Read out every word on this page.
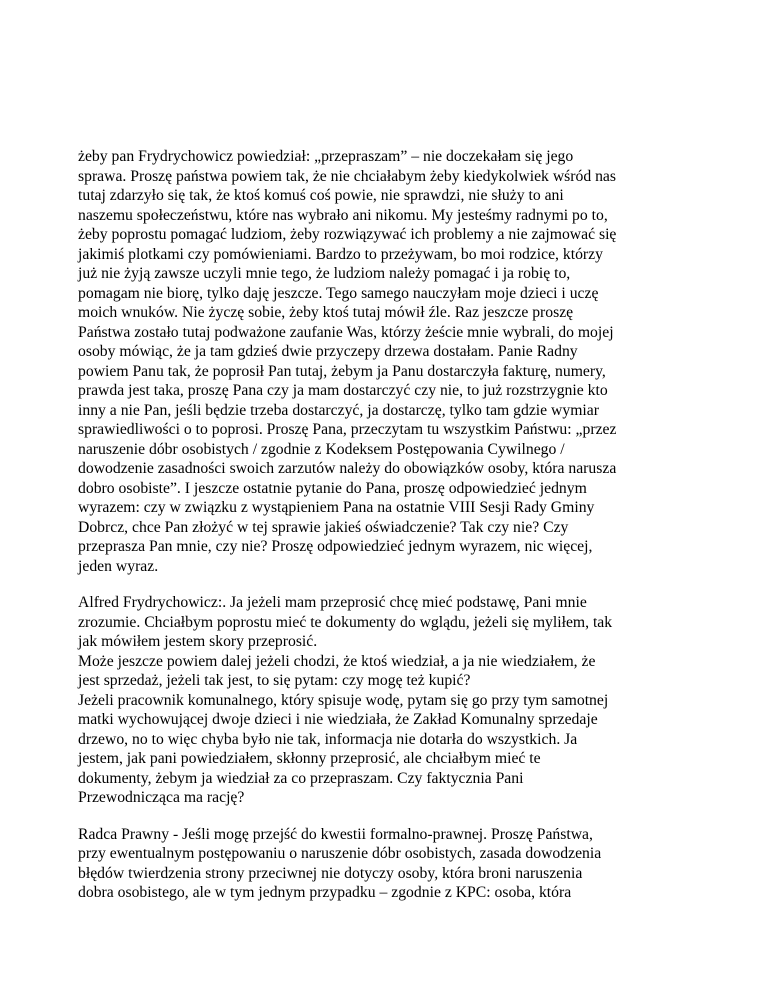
żeby pan Frydrychowicz powiedział: „przepraszam” – nie doczekałam się jego

sprawa. Proszę państwa powiem tak, że nie chciałabym żeby kiedykolwiek wśród nas

tutaj zdarzyło się tak, że ktoś komuś coś powie, nie sprawdzi, nie służy to ani

naszemu społeczeństwu, które nas wybrało ani nikomu. My jesteśmy radnymi po to,

żeby poprostu pomagać ludziom, żeby rozwiązywać ich problemy a nie zajmować się

jakimiś plotkami czy pomówieniami. Bardzo to przeżywam, bo moi rodzice, którzy

już nie żyją zawsze uczyli mnie tego, że ludziom należy pomagać i ja robię to,

pomagam nie biorę, tylko daję jeszcze. Tego samego nauczyłam moje dzieci i uczę

moich wnuków. Nie życzę sobie, żeby ktoś tutaj mówił źle. Raz jeszcze proszę

Państwa zostało tutaj podważone zaufanie Was, którzy żeście mnie wybrali, do mojej

osoby mówiąc, że ja tam gdzieś dwie przyczepy drzewa dostałam. Panie Radny

powiem Panu tak, że poprosił Pan tutaj, żebym ja Panu dostarczyła fakturę, numery,

prawda jest taka, proszę Pana czy ja mam dostarczyć czy nie, to już rozstrzygnie kto

inny a nie Pan, jeśli będzie trzeba dostarczyć, ja dostarczę, tylko tam gdzie wymiar

sprawiedliwości o to poprosi. Proszę Pana, przeczytam tu wszystkim Państwu: „przez

naruszenie dóbr osobistych / zgodnie z Kodeksem Postępowania Cywilnego /

dowodzenie zasadności swoich zarzutów należy do obowiązków osoby, która narusza

dobro osobiste”. I jeszcze ostatnie pytanie do Pana, proszę odpowiedzieć jednym

wyrazem: czy w związku z wystąpieniem Pana na ostatnie VIII Sesji Rady Gminy

Dobrcz, chce Pan złożyć w tej sprawie jakieś oświadczenie? Tak czy nie? Czy

przeprasza Pan mnie, czy nie? Proszę odpowiedzieć jednym wyrazem, nic więcej,

jeden wyraz.

Alfred Frydrychowicz:. Ja jeżeli mam przeprosić chcę mieć podstawę, Pani mnie

zrozumie. Chciałbym poprostu mieć te dokumenty do wglądu, jeżeli się myliłem, tak

jak mówiłem jestem skory przeprosić.

Może jeszcze powiem dalej jeżeli chodzi, że ktoś wiedział, a ja nie wiedziałem, że

jest sprzedaż, jeżeli tak jest, to się pytam: czy mogę też kupić?

Jeżeli pracownik komunalnego, który spisuje wodę, pytam się go przy tym samotnej

matki wychowującej dwoje dzieci i nie wiedziała, że Zakład Komunalny sprzedaje

drzewo, no to więc chyba było nie tak, informacja nie dotarła do wszystkich. Ja

jestem, jak pani powiedziałem, skłonny przeprosić, ale chciałbym mieć te

dokumenty, żebym ja wiedział za co przepraszam. Czy faktycznia Pani

Przewodnicząca ma rację?

Radca Prawny - Jeśli mogę przejść do kwestii formalno-prawnej. Proszę Państwa,

przy ewentualnym postępowaniu o naruszenie dóbr osobistych, zasada dowodzenia

błędów twierdzenia strony przeciwnej nie dotyczy osoby, która broni naruszenia

dobra osobistego, ale w tym jednym przypadku – zgodnie z KPC: osoba, która
